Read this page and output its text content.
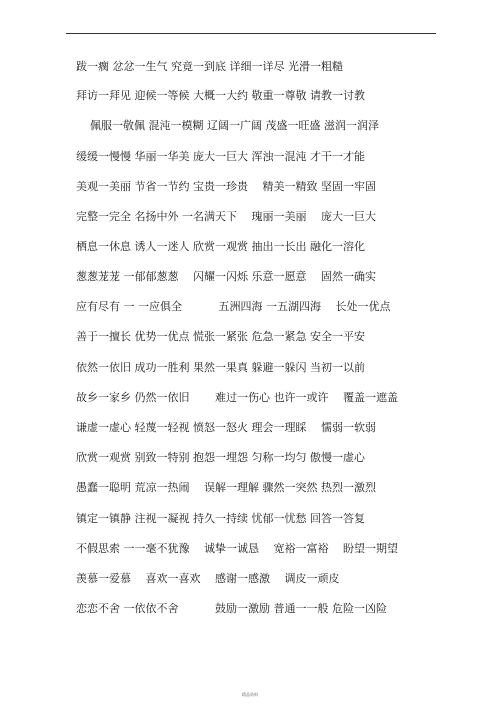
跋一瘸 忿忿一生气 究竟一到底 详细一详尽 光滑一粗糙
拜访一拜见 迎候一等候 大概一大约 敬重一尊敬 请教一讨教
佩服一敬佩 混沌一模糊 辽阔一广阔 茂盛一旺盛 滋润一润泽
缓缓一慢慢 华丽一华美 庞大一巨大 浑浊一混沌 才干一才能
美观一美丽 节省一节约 宝贵一珍贵 　精美一精致 坚固一牢固
完整一完全 名扬中外 一名满天下 　瑰丽一美丽 　庞大一巨大
栖息一休息 诱人一迷人 欣赏一观赏 抽出一长出 融化一溶化
葱葱茏茏 一郁郁葱葱 　闪耀一闪烁 乐意一愿意 　固然一确实
应有尽有 一 一应俱全 　　　五洲四海 一五湖四海 　长处一优点
善于一擅长 优势一优点 慌张一紧张 危急一紧急 安全一平安
依然一依旧 成功一胜利 果然一果真 躲避一躲闪 当初一以前
故乡一家乡 仍然一依旧 　　难过一伤心 也许一或许 　覆盖一遮盖
谦虚一虚心 轻蔑一轻视 愤怒一怒火 理会一理睬 　懦弱一软弱
欣赏一观赏 别致一特别 抱怨一埋怨 匀称一均匀 傲慢一虚心
愚蠢一聪明 荒凉一热闹 　误解一理解 骤然一突然 热烈一激烈
镇定一镇静 注视一凝视 持久一持续 忧郁一忧愁 回答一答复
不假思索 一一毫不犹豫 　诚挚一诚恳 　宽裕一富裕 　盼望一期望
羡慕一爱慕 　喜欢一喜欢 　感谢一感激 　调皮一顽皮
恋恋不舍 一依依不舍 　　　鼓励一激励 普通一一般 危险一凶险
精品资料
